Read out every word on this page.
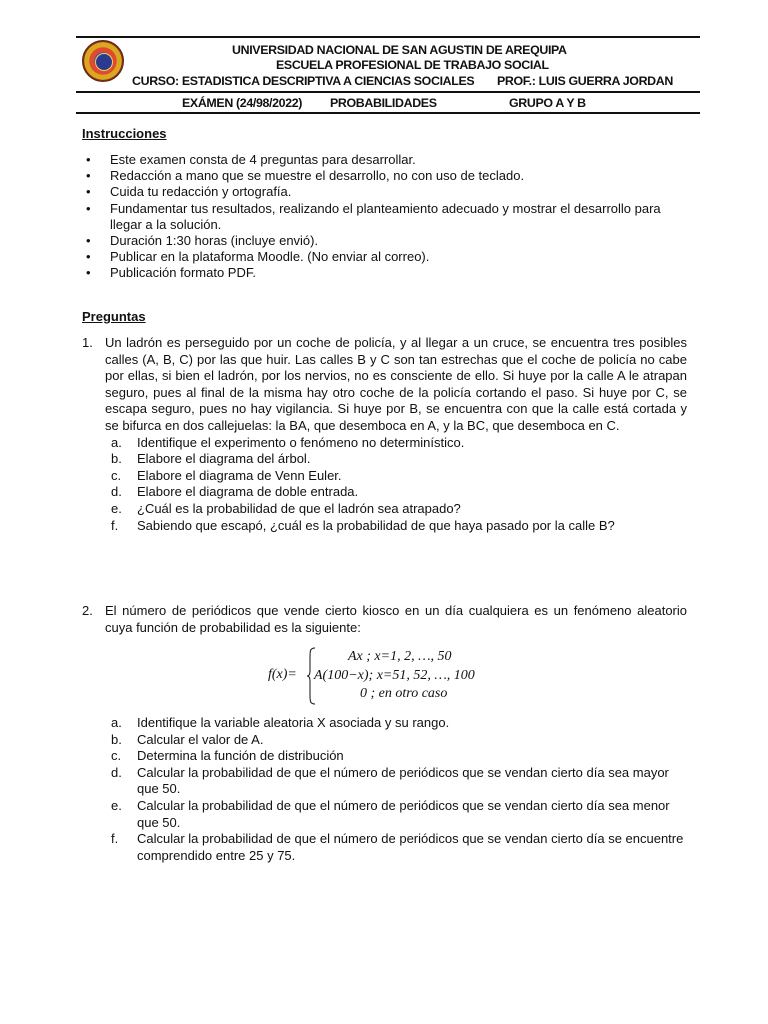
UNIVERSIDAD NACIONAL DE SAN AGUSTIN DE AREQUIPA
ESCUELA PROFESIONAL DE TRABAJO SOCIAL
CURSO: ESTADISTICA DESCRIPTIVA A CIENCIAS SOCIALES PROF.: LUIS GUERRA JORDAN
EXÁMEN (24/98/2022) PROBABILIDADES	GRUPO A Y B
Instrucciones
• Este examen consta de 4 preguntas para desarrollar.
• Redacción a mano que se muestre el desarrollo, no con uso de teclado.
• Cuida tu redacción y ortografía.
• Fundamentar tus resultados, realizando el planteamiento adecuado y mostrar el desarrollo para llegar a la solución.
• Duración 1:30 horas (incluye envió).
• Publicar en la plataforma Moodle. (No enviar al correo).
• Publicación formato PDF.
Preguntas
1. Un ladrón es perseguido por un coche de policía, y al llegar a un cruce, se encuentra tres posibles calles (A, B, C) por las que huir. Las calles B y C son tan estrechas que el coche de policía no cabe por ellas, si bien el ladrón, por los nervios, no es consciente de ello. Si huye por la calle A le atrapan seguro, pues al final de la misma hay otro coche de la policía cortando el paso. Si huye por C, se escapa seguro, pues no hay vigilancia. Si huye por B, se encuentra con que la calle está cortada y se bifurca en dos callejuelas: la BA, que desemboca en A, y la BC, que desemboca en C.
a. Identifique el experimento o fenómeno no determinístico.
b. Elabore el diagrama del árbol.
c. Elabore el diagrama de Venn Euler.
d. Elabore el diagrama de doble entrada.
e. ¿Cuál es la probabilidad de que el ladrón sea atrapado?
f. Sabiendo que escapó, ¿cuál es la probabilidad de que haya pasado por la calle B?
2. El número de periódicos que vende cierto kiosco en un día cualquiera es un fenómeno aleatorio cuya función de probabilidad es la siguiente:
f(x)=
Ax ; x=1, 2, …, 50
A(100−x); x=51, 52, …, 100
0 ; en otro caso
a. Identifique la variable aleatoria X asociada y su rango.
b. Calcular el valor de A.
c. Determina la función de distribución
d. Calcular la probabilidad de que el número de periódicos que se vendan cierto día sea mayor que 50.
e. Calcular la probabilidad de que el número de periódicos que se vendan cierto día sea menor que 50.
f. Calcular la probabilidad de que el número de periódicos que se vendan cierto día se encuentre comprendido entre 25 y 75.
